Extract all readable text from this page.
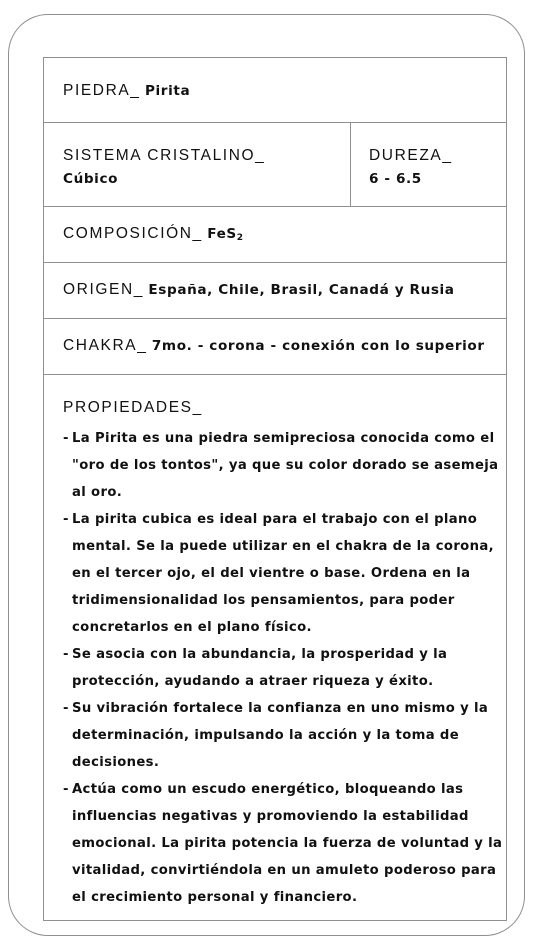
PIEDRA_ Pirita
SISTEMA CRISTALINO_
Cúbico
DUREZA_
6 - 6.5
COMPOSICIÓN_ FeS$_2$
ORIGEN_ España, Chile, Brasil, Canadá y Rusia
CHAKRA_ 7mo. - corona - conexión con lo superior
PROPIEDADES_
- La Pirita es una piedra semipreciosa conocida como el "oro de los tontos", ya que su color dorado se asemeja al oro.
- La pirita cubica es ideal para el trabajo con el plano mental. Se la puede utilizar en el chakra de la corona, en el tercer ojo, el del vientre o base. Ordena en la tridimensionalidad los pensamientos, para poder concretarlos en el plano físico.
- Se asocia con la abundancia, la prosperidad y la protección, ayudando a atraer riqueza y éxito.
- Su vibración fortalece la confianza en uno mismo y la determinación, impulsando la acción y la toma de decisiones.
- Actúa como un escudo energético, bloqueando las influencias negativas y promoviendo la estabilidad emocional. La pirita potencia la fuerza de voluntad y la vitalidad, convirtiéndola en un amuleto poderoso para el crecimiento personal y financiero.
